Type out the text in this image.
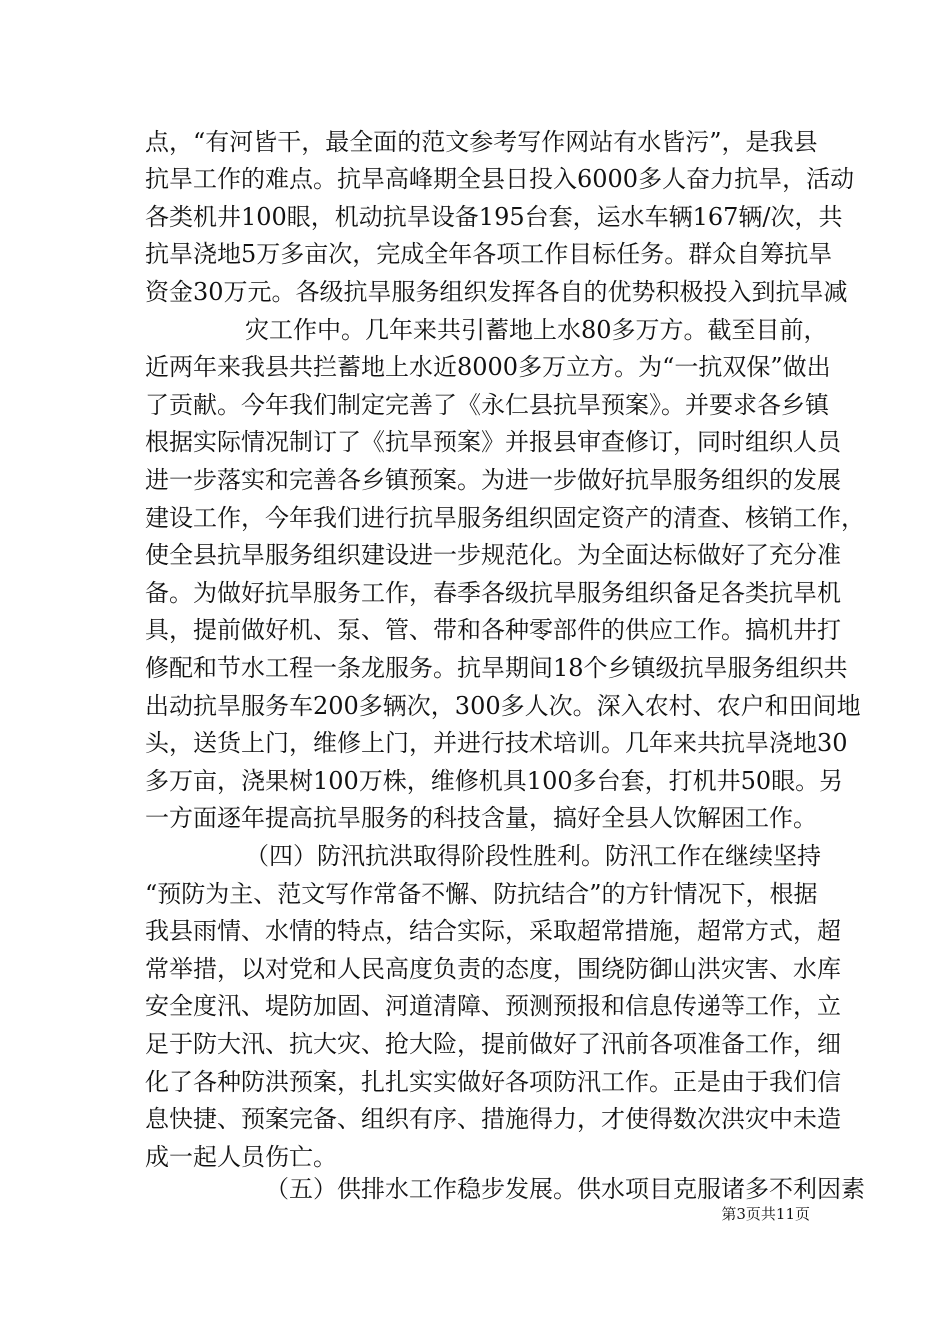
点，“有河皆干，最全面的范文参考写作网站有水皆污”，是我县
抗旱工作的难点。抗旱高峰期全县日投入6000多人奋力抗旱，活动
各类机井100眼，机动抗旱设备195台套，运水车辆167辆/次，共
抗旱浇地5万多亩次，完成全年各项工作目标任务。群众自筹抗旱
资金30万元。各级抗旱服务组织发挥各自的优势积极投入到抗旱减
灾工作中。几年来共引蓄地上水80多万方。截至目前，
近两年来我县共拦蓄地上水近8000多万立方。为“一抗双保”做出
了贡献。今年我们制定完善了《永仁县抗旱预案》。并要求各乡镇
根据实际情况制订了《抗旱预案》并报县审查修订，同时组织人员
进一步落实和完善各乡镇预案。为进一步做好抗旱服务组织的发展
建设工作，今年我们进行抗旱服务组织固定资产的清查、核销工作，
使全县抗旱服务组织建设进一步规范化。为全面达标做好了充分准
备。为做好抗旱服务工作，春季各级抗旱服务组织备足各类抗旱机
具，提前做好机、泵、管、带和各种零部件的供应工作。搞机井打
修配和节水工程一条龙服务。抗旱期间18个乡镇级抗旱服务组织共
出动抗旱服务车200多辆次，300多人次。深入农村、农户和田间地
头，送货上门，维修上门，并进行技术培训。几年来共抗旱浇地30
多万亩，浇果树100万株，维修机具100多台套，打机井50眼。另
一方面逐年提高抗旱服务的科技含量，搞好全县人饮解困工作。
（四）防汛抗洪取得阶段性胜利。防汛工作在继续坚持
“预防为主、范文写作常备不懈、防抗结合”的方针情况下，根据
我县雨情、水情的特点，结合实际，采取超常措施，超常方式，超
常举措，以对党和人民高度负责的态度，围绕防御山洪灾害、水库
安全度汛、堤防加固、河道清障、预测预报和信息传递等工作，立
足于防大汛、抗大灾、抢大险，提前做好了汛前各项准备工作，细
化了各种防洪预案，扎扎实实做好各项防汛工作。正是由于我们信
息快捷、预案完备、组织有序、措施得力，才使得数次洪灾中未造
成一起人员伤亡。
（五）供排水工作稳步发展。供水项目克服诸多不利因素
第3页共11页
